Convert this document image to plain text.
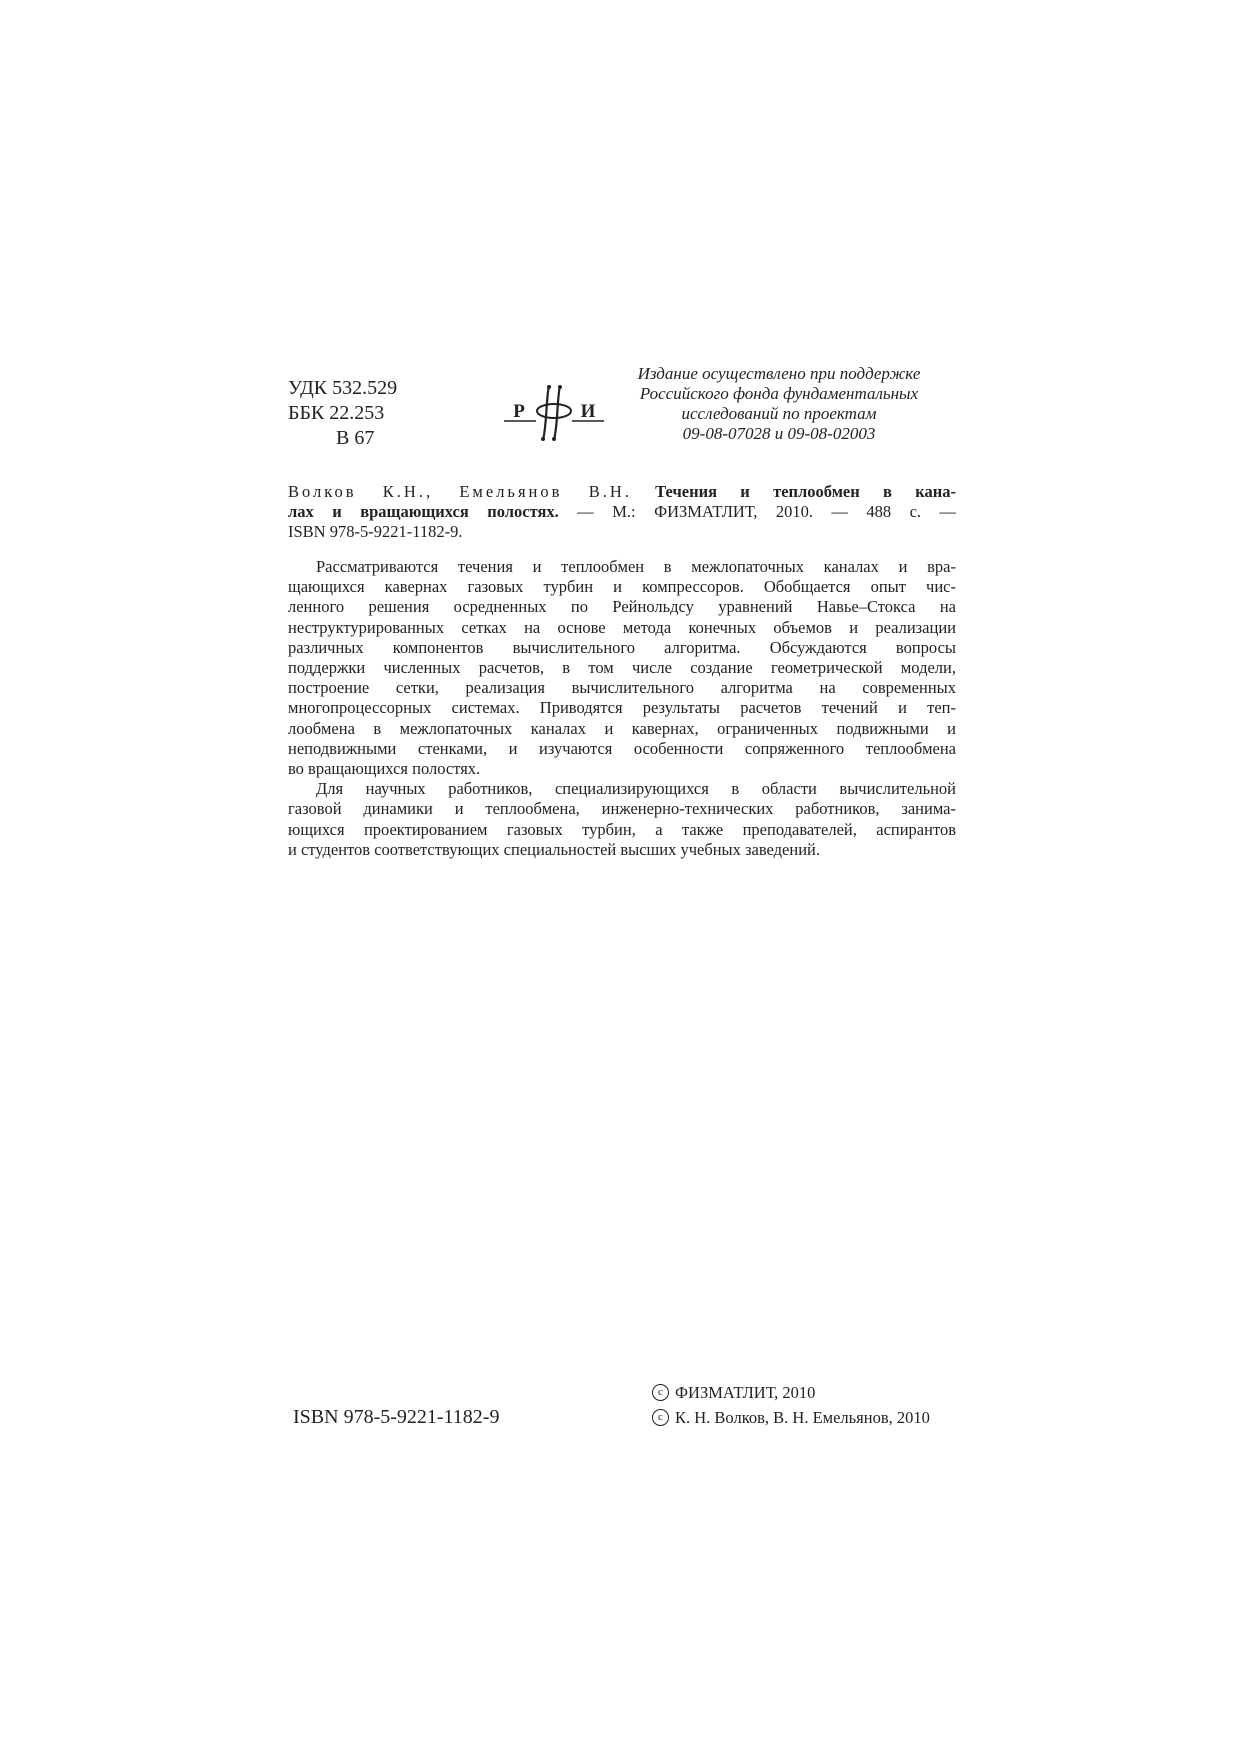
УДК 532.529
ББК 22.253
В 67
Р	И
Издание осуществлено при поддержке
Российского фонда фундаментальных
исследований по проектам
09-08-07028 и 09-08-02003
Волков К.Н., Емельянов В.Н. Течения и теплообмен в кана-
лах и вращающихся полостях. — М.: ФИЗМАТЛИТ, 2010. — 488 с. —
ISBN 978-5-9221-1182-9.
Рассматриваются течения и теплообмен в межлопаточных каналах и вра-
щающихся кавернах газовых турбин и компрессоров. Обобщается опыт чис-
ленного решения осредненных по Рейнольдсу уравнений Навье–Стокса на
неструктурированных сетках на основе метода конечных объемов и реализации
различных компонентов вычислительного алгоритма. Обсуждаются вопросы
поддержки численных расчетов, в том числе создание геометрической модели,
построение сетки, реализация вычислительного алгоритма на современных
многопроцессорных системах. Приводятся результаты расчетов течений и теп-
лообмена в межлопаточных каналах и кавернах, ограниченных подвижными и
неподвижными стенками, и изучаются особенности сопряженного теплообмена
во вращающихся полостях.
Для научных работников, специализирующихся в области вычислительной
газовой динамики и теплообмена, инженерно-технических работников, занима-
ющихся проектированием газовых турбин, а также преподавателей, аспирантов
и студентов соответствующих специальностей высших учебных заведений.
ISBN 978-5-9221-1182-9
c ФИЗМАТЛИТ, 2010
c К. Н. Волков, В. Н. Емельянов, 2010
